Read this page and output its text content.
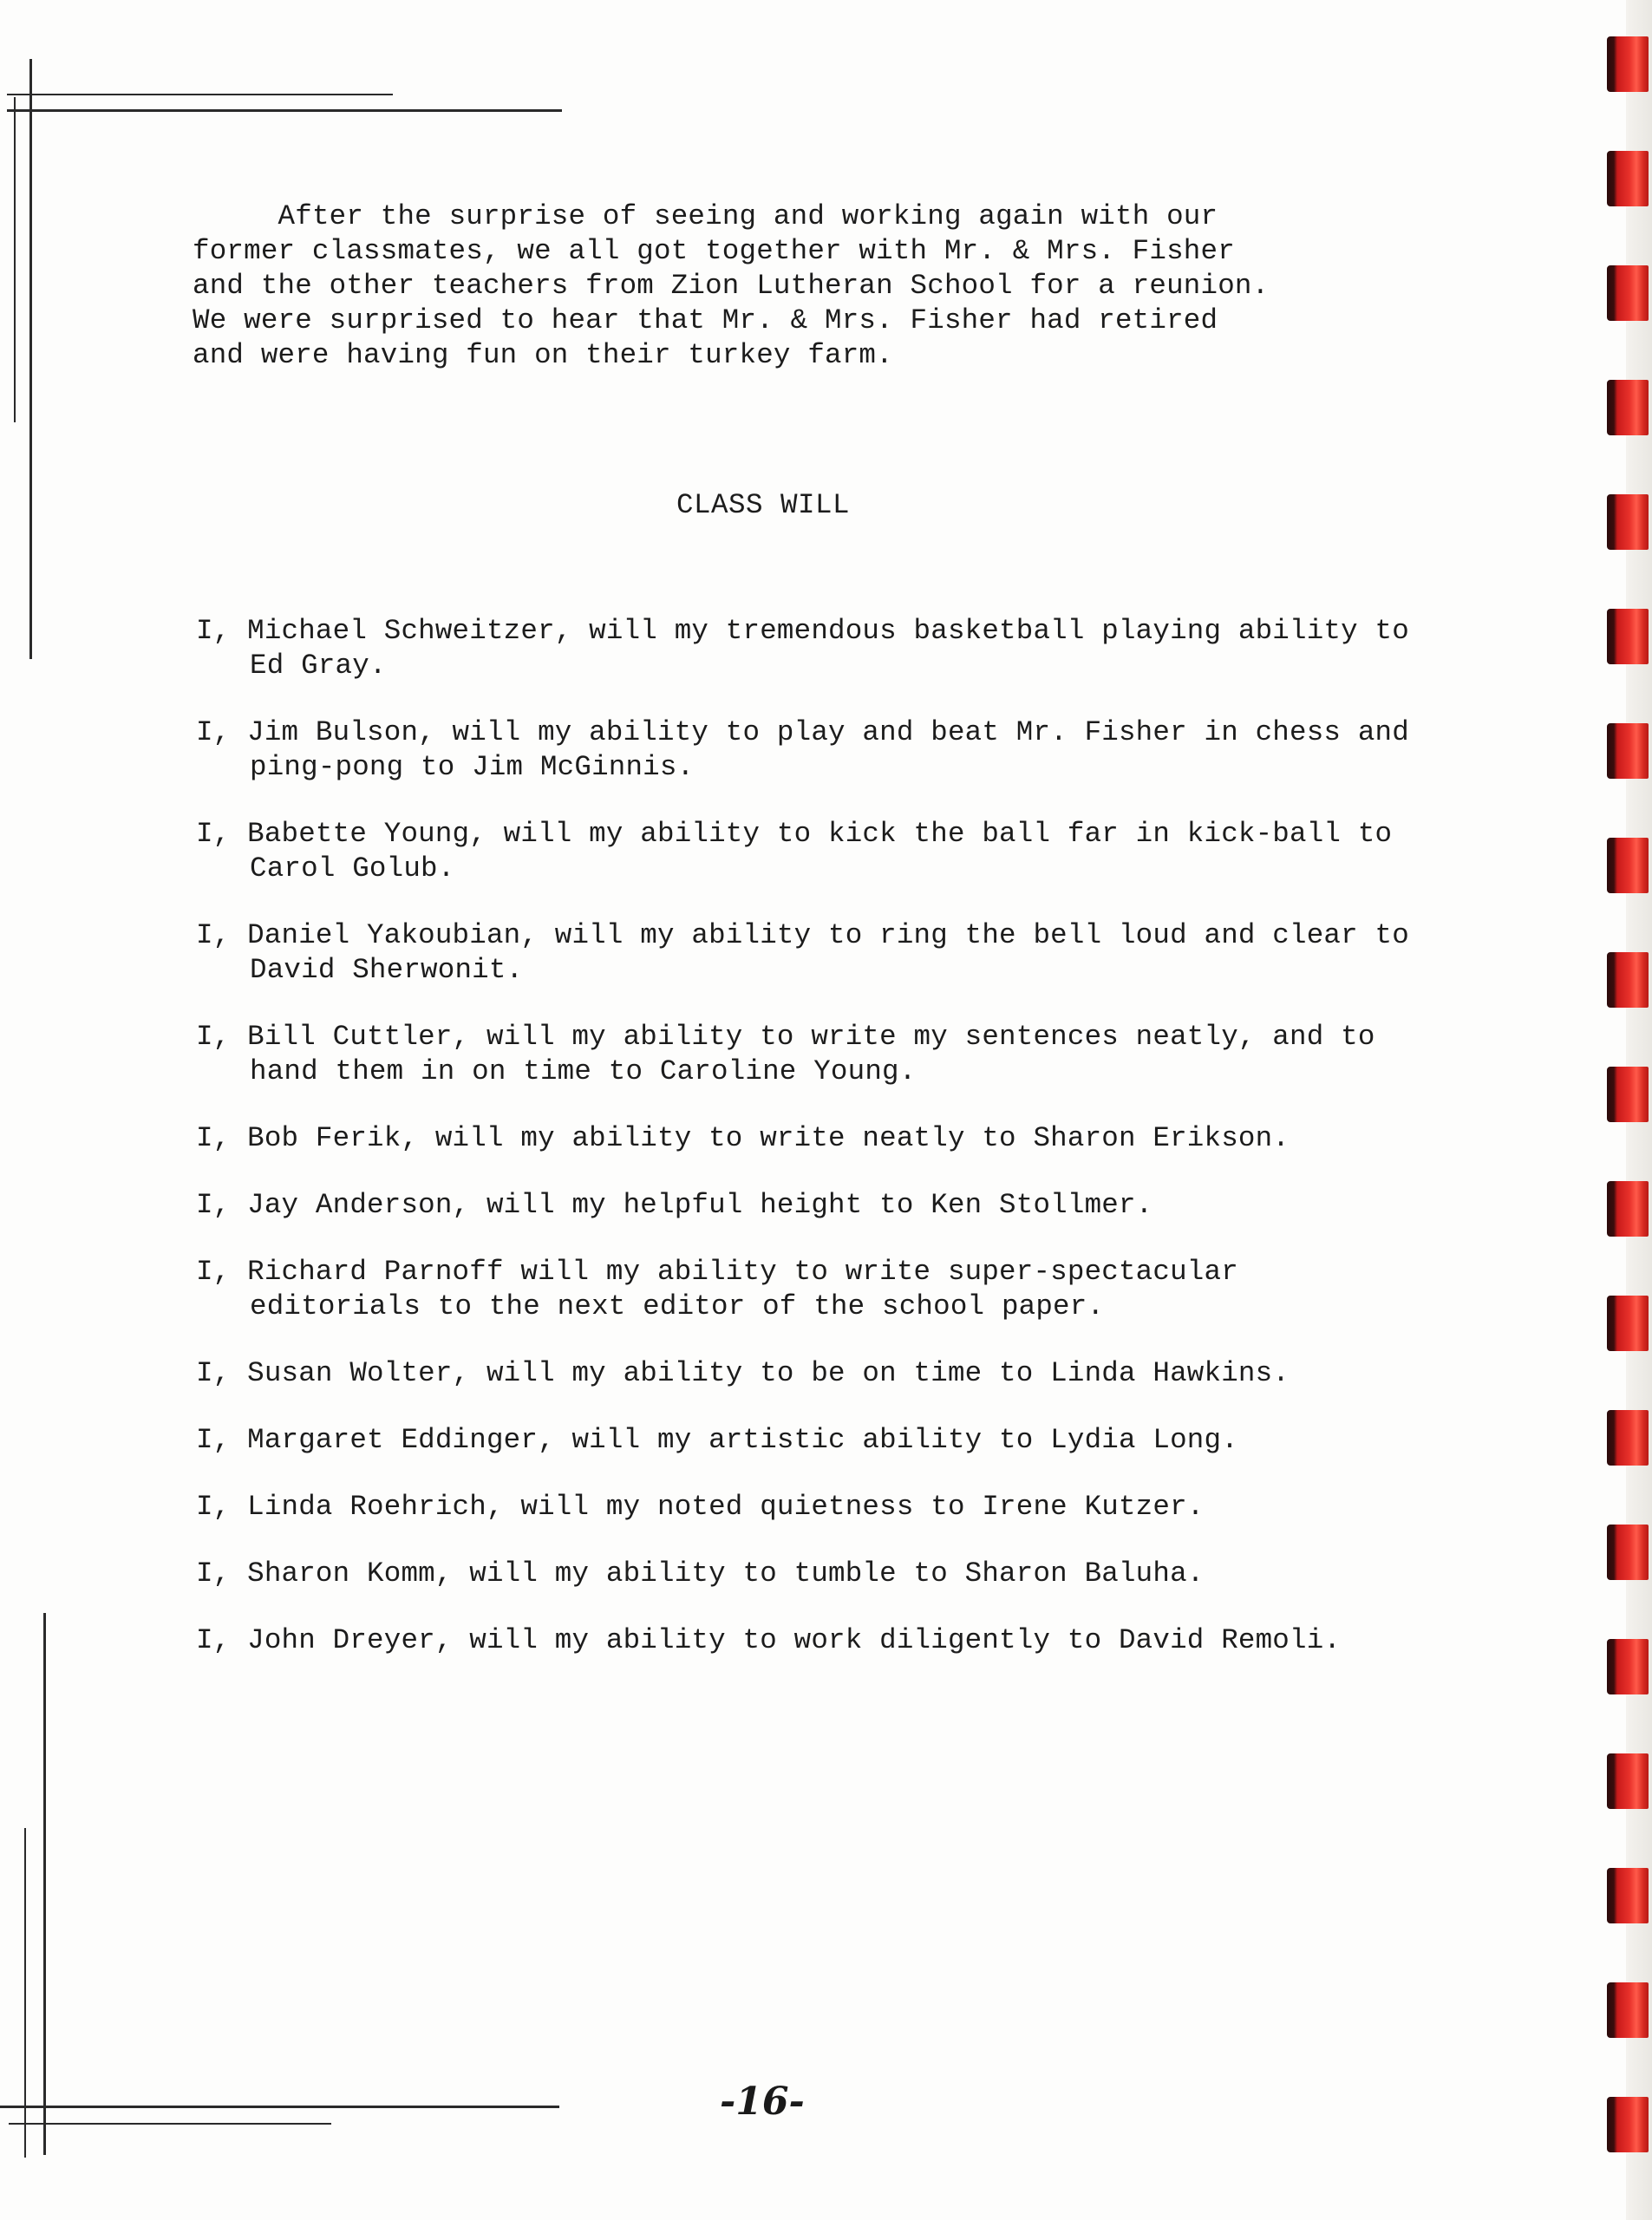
After the surprise of seeing and working again with our
former classmates, we all got together with Mr. & Mrs. Fisher
and the other teachers from Zion Lutheran School for a reunion.
We were surprised to hear that Mr. & Mrs. Fisher had retired
and were having fun on their turkey farm.

CLASS WILL
I, Michael Schweitzer, will my tremendous basketball playing ability to Ed Gray.
I, Jim Bulson, will my ability to play and beat Mr. Fisher in chess and ping-pong to Jim McGinnis.
I, Babette Young, will my ability to kick the ball far in kick-ball to Carol Golub.
I, Daniel Yakoubian, will my ability to ring the bell loud and clear to David Sherwonit.
I, Bill Cuttler, will my ability to write my sentences neatly, and to hand them in on time to Caroline Young.
I, Bob Ferik, will my ability to write neatly to Sharon Erikson.
I, Jay Anderson, will my helpful height to Ken Stollmer.
I, Richard Parnoff will my ability to write super-spectacular editorials to the next editor of the school paper.
I, Susan Wolter, will my ability to be on time to Linda Hawkins.
I, Margaret Eddinger, will my artistic ability to Lydia Long.
I, Linda Roehrich, will my noted quietness to Irene Kutzer.
I, Sharon Komm, will my ability to tumble to Sharon Baluha.
I, John Dreyer, will my ability to work diligently to David Remoli.
-16-
